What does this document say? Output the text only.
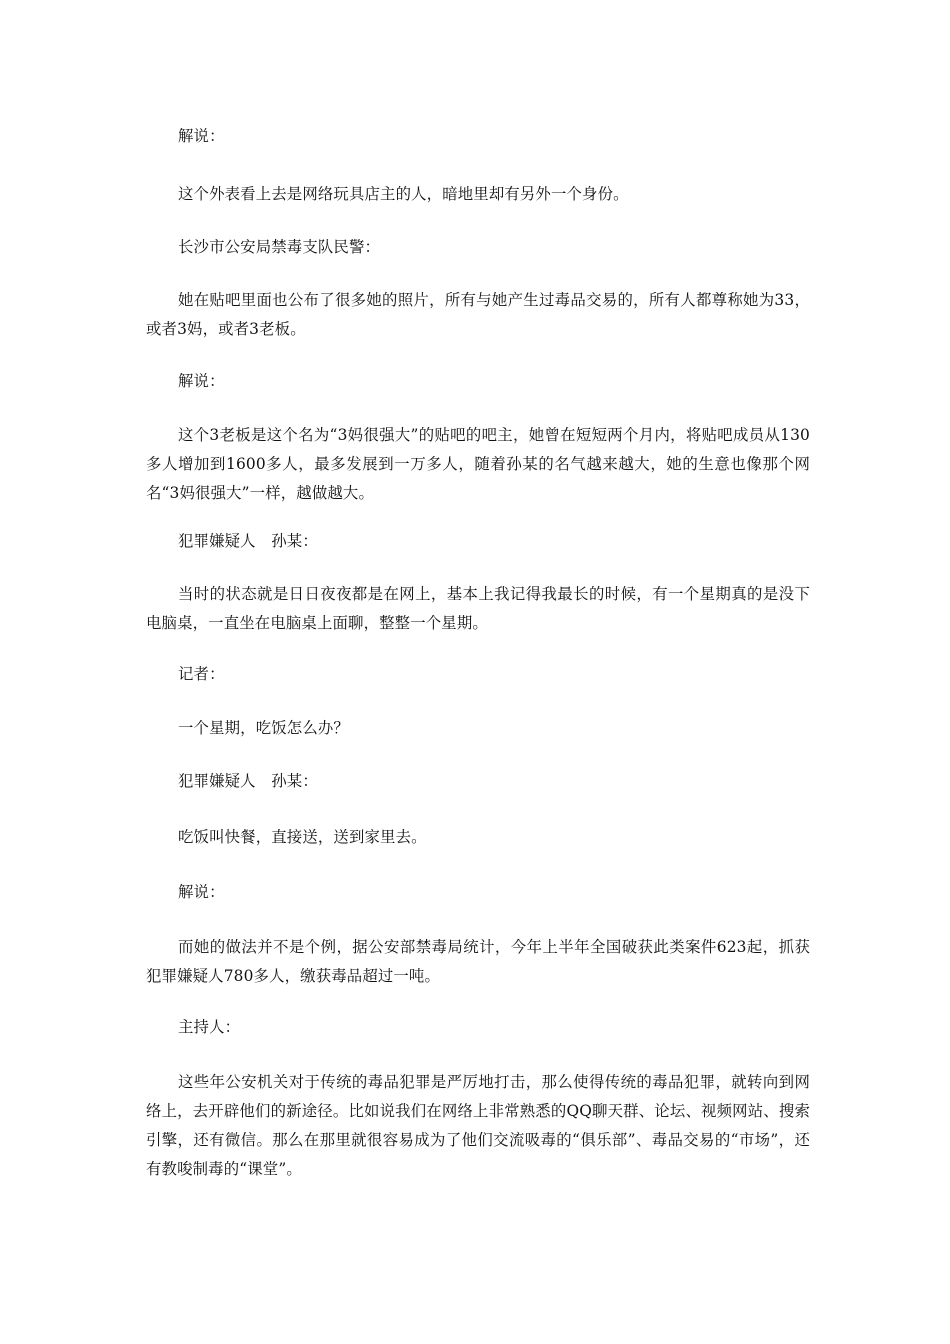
解说：

这个外表看上去是网络玩具店主的人，暗地里却有另外一个身份。

长沙市公安局禁毒支队民警：

她在贴吧里面也公布了很多她的照片，所有与她产生过毒品交易的，所有人都尊称她为33，或者3妈，或者3老板。

解说：

这个3老板是这个名为“3妈很强大”的贴吧的吧主，她曾在短短两个月内，将贴吧成员从130多人增加到1600多人，最多发展到一万多人，随着孙某的名气越来越大，她的生意也像那个网名“3妈很强大”一样，越做越大。

犯罪嫌疑人　孙某：

当时的状态就是日日夜夜都是在网上，基本上我记得我最长的时候，有一个星期真的是没下电脑桌，一直坐在电脑桌上面聊，整整一个星期。

记者：

一个星期，吃饭怎么办？

犯罪嫌疑人　孙某：

吃饭叫快餐，直接送，送到家里去。

解说：

而她的做法并不是个例，据公安部禁毒局统计，今年上半年全国破获此类案件623起，抓获犯罪嫌疑人780多人，缴获毒品超过一吨。

主持人：

这些年公安机关对于传统的毒品犯罪是严厉地打击，那么使得传统的毒品犯罪，就转向到网络上，去开辟他们的新途径。比如说我们在网络上非常熟悉的QQ聊天群、论坛、视频网站、搜索引擎，还有微信。那么在那里就很容易成为了他们交流吸毒的“俱乐部”、毒品交易的“市场”，还有教唆制毒的“课堂”。
